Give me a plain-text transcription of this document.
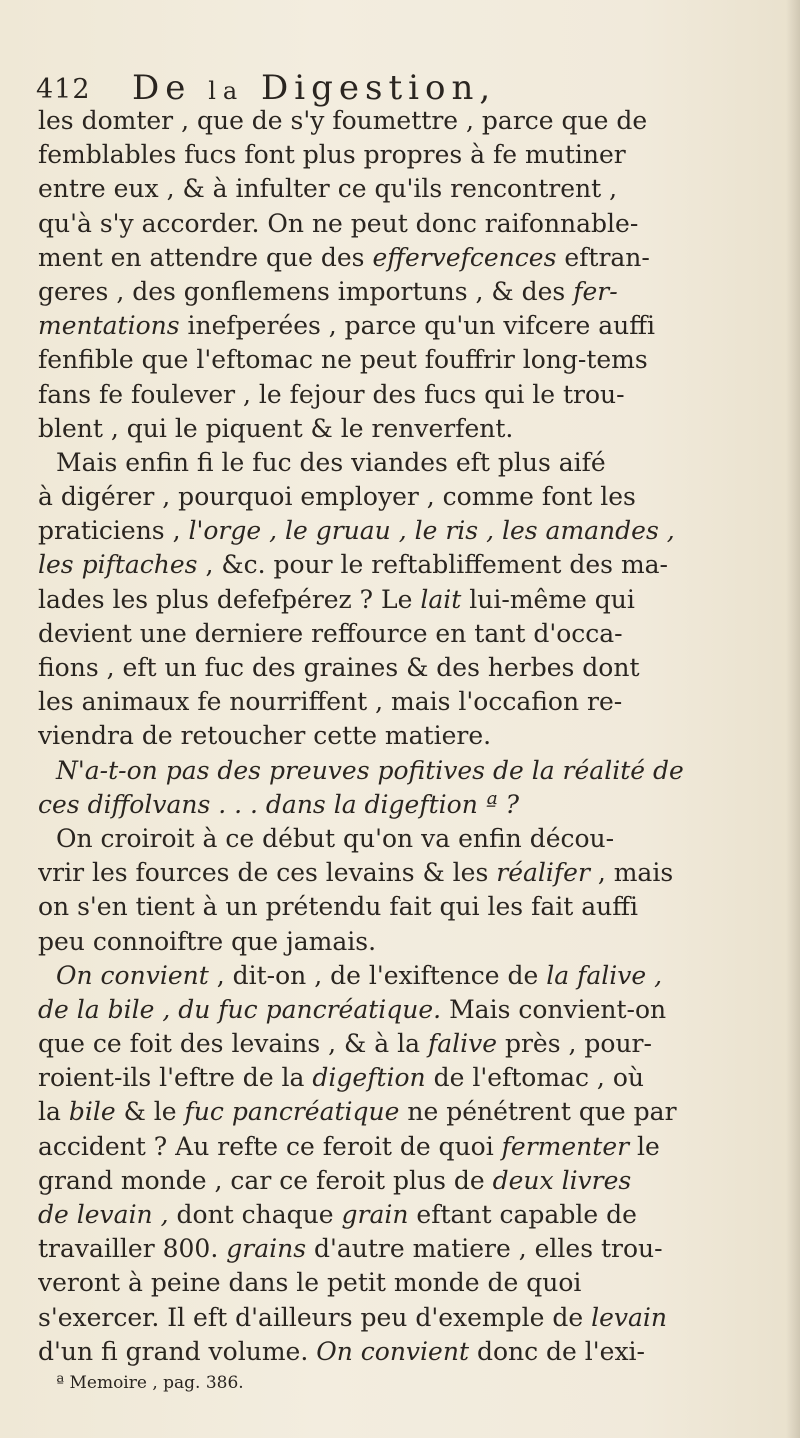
412 De la Digestion,
les domter , que de s'y foumettre , parce que de
femblables fucs font plus propres à fe mutiner
entre eux , & à infulter ce qu'ils rencontrent ,
qu'à s'y accorder. On ne peut donc raifonnable-
ment en attendre que des effervefcences eftran-
geres , des gonflemens importuns , & des fer-
mentations inefperées , parce qu'un vifcere auffi
fenfible que l'eftomac ne peut fouffrir long-tems
fans fe foulever , le fejour des fucs qui le trou-
blent , qui le piquent & le renverfent.
Mais enfin fi le fuc des viandes eft plus aifé
à digérer , pourquoi employer , comme font les
praticiens , l'orge , le gruau , le ris , les amandes ,
les piftaches , &c. pour le reftabliffement des ma-
lades les plus defefpérez ? Le lait lui-même qui
devient une derniere reffource en tant d'occa-
fions , eft un fuc des graines & des herbes dont
les animaux fe nourriffent , mais l'occafion re-
viendra de retoucher cette matiere.
N'a-t-on pas des preuves pofitives de la réalité de
ces diffolvans . . . dans la digeftion ª ?
On croiroit à ce début qu'on va enfin décou-
vrir les fources de ces levains & les réalifer , mais
on s'en tient à un prétendu fait qui les fait auffi
peu connoiftre que jamais.
On convient , dit-on , de l'exiftence de la falive ,
de la bile , du fuc pancréatique. Mais convient-on
que ce foit des levains , & à la falive près , pour-
roient-ils l'eftre de la digeftion de l'eftomac , où
la bile & le fuc pancréatique ne pénétrent que par
accident ? Au refte ce feroit de quoi fermenter le
grand monde , car ce feroit plus de deux livres
de levain , dont chaque grain eftant capable de
travailler 800. grains d'autre matiere , elles trou-
veront à peine dans le petit monde de quoi
s'exercer. Il eft d'ailleurs peu d'exemple de levain
d'un fi grand volume. On convient donc de l'exi-
ª Memoire , pag. 386.
